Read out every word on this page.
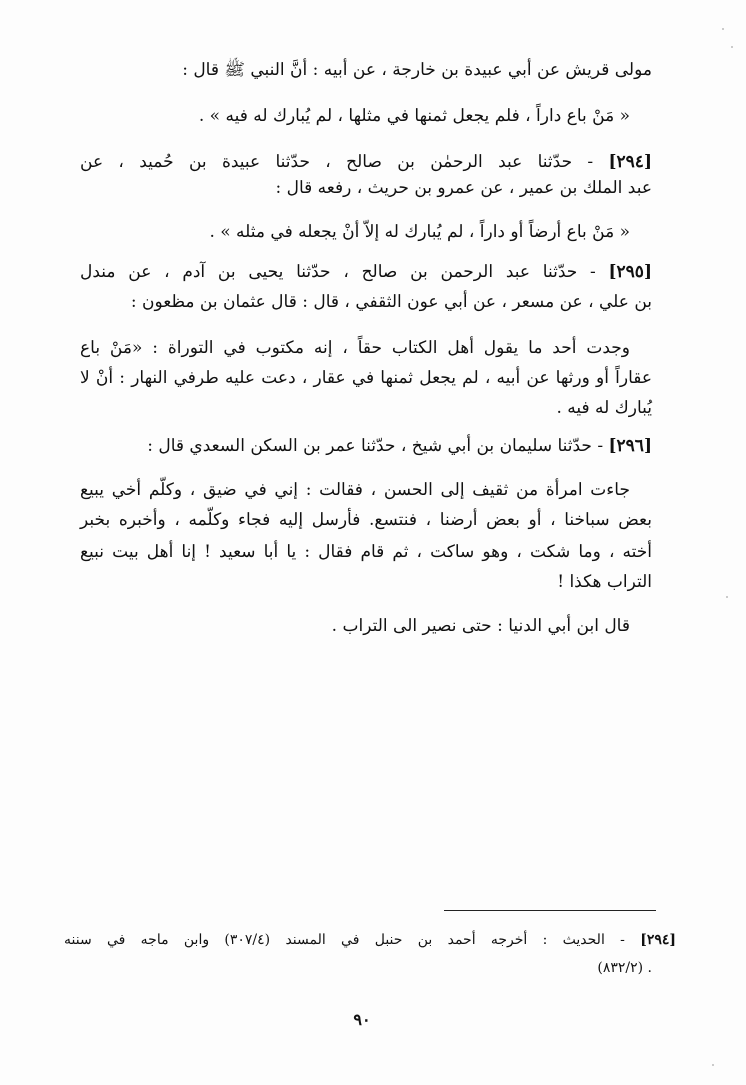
مولى قريش عن أبي عبيدة بن خارجة ، عن أبيه : أنَّ النبي ﷺ قال :
« مَنْ باع داراً ، فلم يجعل ثمنها في مثلها ، لم يُبارك له فيه » .
[٢٩٤] - حدّثنا عبد الرحمٰن بن صالح ، حدّثنا عبيدة بن حُميد ، عن
عبد الملك بن عمير ، عن عمرو بن حريث ، رفعه قال :
« مَنْ باع أرضاً أو داراً ، لم يُبارك له إلاّ أنْ يجعله في مثله » .
[٢٩٥] - حدّثنا عبد الرحمن بن صالح ، حدّثنا يحيى بن آدم ، عن مندل
بن علي ، عن مسعر ، عن أبي عون الثقفي ، قال : قال عثمان بن مظعون :
وجدت أحد ما يقول أهل الكتاب حقاً ، إنه مكتوب في التوراة : «مَنْ باع
عقاراً أو ورثها عن أبيه ، لم يجعل ثمنها في عقار ، دعت عليه طرفي النهار : أنْ لا
يُبارك له فيه .
[٢٩٦] - حدّثنا سليمان بن أبي شيخ ، حدّثنا عمر بن السكن السعدي قال :
جاءت امرأة من ثقيف إلى الحسن ، فقالت : إني في ضيق ، وكلّم أخي يبيع
بعض سباخنا ، أو بعض أرضنا ، فنتسع. فأرسل إليه فجاء وكلّمه ، وأخبره بخبر
أخته ، وما شكت ، وهو ساكت ، ثم قام فقال : يا أبا سعيد ! إنا أهل بيت نبيع
التراب هكذا !
قال ابن أبي الدنيا : حتى نصير الى التراب .
[٢٩٤] - الحديث : أخرجه أحمد بن حنبل في المسند (٣٠٧/٤) وابن ماجه في سننه
(٨٣٢/٢) .
٩٠
